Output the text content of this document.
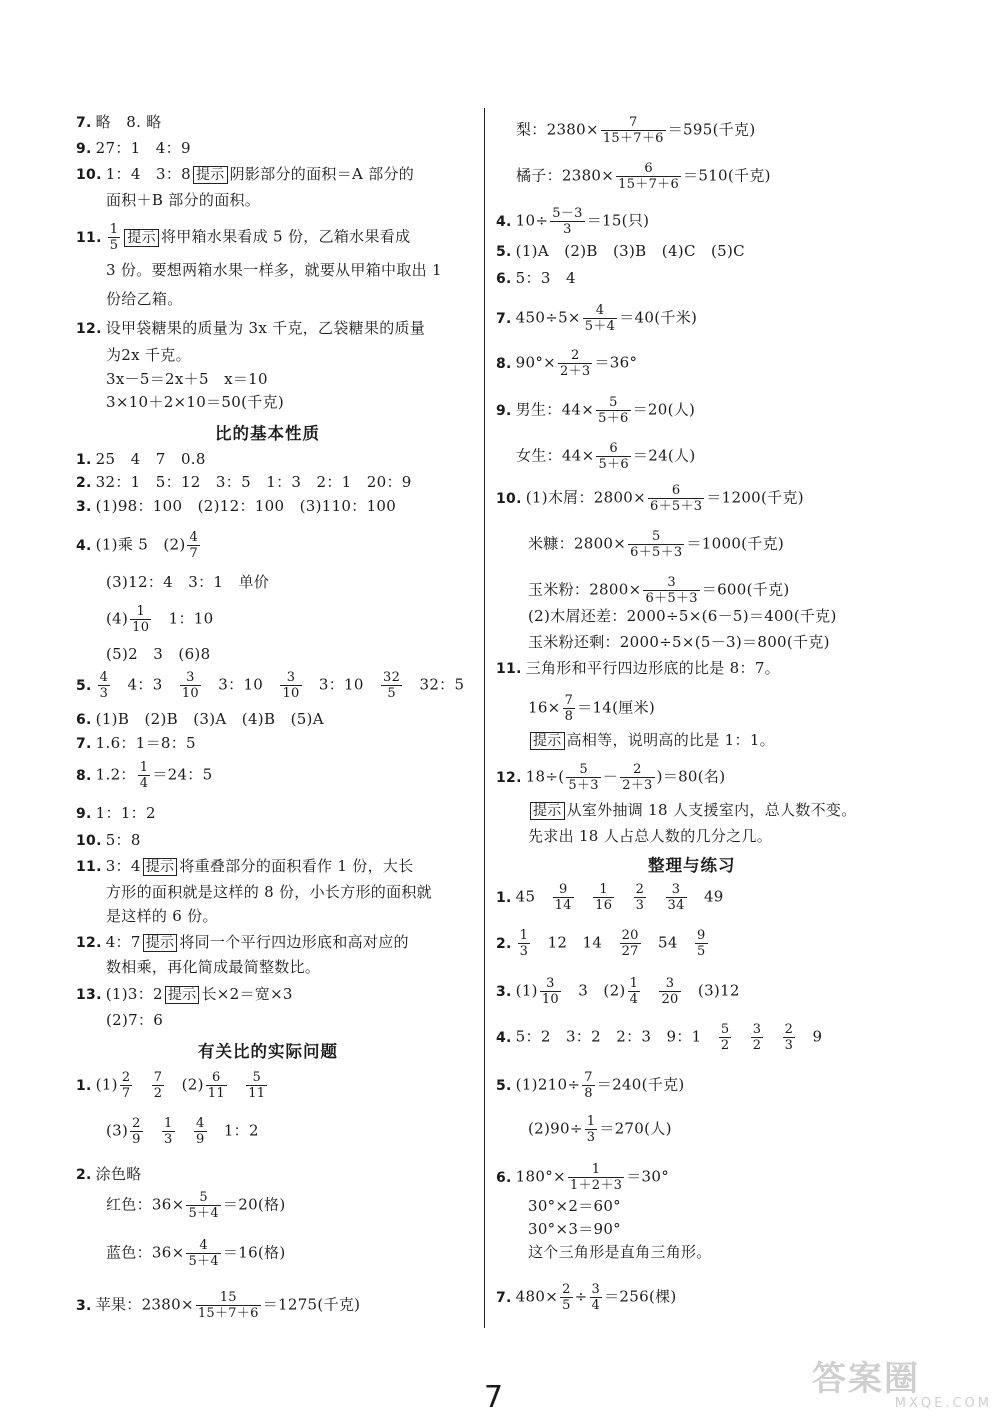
7. 略　8. 略
9. 27：1　4：9
10. 1：4　3：8 提示 阴影部分的面积＝A 部分的
面积＋B 部分的面积。
11. $\frac{1}{5}$ 提示 将甲箱水果看成 5 份，乙箱水果看成
3 份。要想两箱水果一样多，就要从甲箱中取出 1
份给乙箱。
12. 设甲袋糖果的质量为 3x 千克，乙袋糖果的质量
为2x 千克。
3x－5＝2x＋5　x＝10
3×10＋2×10＝50(千克)
比的基本性质
1. 25　4　7　0.8
2. 32：1　5：12　3：5　1：3　2：1　20：9
3. (1)98：100　(2)12：100　(3)110：100
4. (1)乘 5　$(2) \frac{4}{7}$
(3)12：4　3：1　单价
$(4) \frac{1}{10}$ 　1：10
(5)2　3　(6)8
5. $\frac{4}{3}$ 　4：3　 $\frac{3}{10}$ 　3：10　 $\frac{3}{10}$ 　3：10　 $\frac{32}{5}$ 　32：5
6. (1)B　(2)B　(3)A　(4)B　(5)A
7. 1.6：1＝8：5
8. 1.2： $\frac{1}{4} =24$：5
9. 1：1：2
10. 5：8
11. 3：4 提示 将重叠部分的面积看作 1 份，大长
方形的面积就是这样的 8 份，小长方形的面积就
是这样的 6 份。
12. 4：7 提示 将同一个平行四边形底和高对应的
数相乘，再化简成最简整数比。
13. (1)3：2 提示 长×2＝宽×3
(2)7：6
有关比的实际问题
1. $(1) \frac{2}{7}$
　 $\frac{7}{2}$
　 $(2) \frac{6}{11}$
　 $\frac{5}{11}$
$(3) \frac{2}{9}$
　 $\frac{1}{3}$
　 $\frac{4}{9}$ 　1：2
2. 涂色略
红色：$36\times \frac{5}{5+4} =20$(格)
蓝色：$36\times \frac{4}{5+4} =16$(格)
3. 苹果：$2380\times \frac{15}{15+7+6} =1275$(千克)
梨：$2380\times \frac{7}{15+7+6} =595$(千克)
橘子：$2380\times \frac{6}{15+7+6} =510$(千克)
4. $10\div \frac{5-3}{3} =15$(只)
5. (1)A　(2)B　(3)B　(4)C　(5)C
6. 5：3　4
7. $450\div 5\times \frac{4}{5+4} =40$(千米)
8. $90^\circ\times \frac{2}{2+3} =36^\circ$
9. 男生：$44\times \frac{5}{5+6} =20$(人)
女生：$44\times \frac{6}{5+6} =24$(人)
10. (1)木屑：$2800\times \frac{6}{6+5+3} =1200$(千克)
米糠：$2800\times \frac{5}{6+5+3} =1000$(千克)
玉米粉：$2800\times \frac{3}{6+5+3} =600$(千克)
(2)木屑还差：2000÷5×(6－5)＝400(千克)
玉米粉还剩：2000÷5×(5－3)＝800(千克)
11. 三角形和平行四边形底的比是 8：7。
$16\times \frac{7}{8} =14$(厘米)
提示 高相等，说明高的比是 1：1。
12. $18\div( \frac{5}{5+3} - \frac{2}{2+3} )=80$(名)
提示 从室外抽调 18 人支援室内，总人数不变。
先求出 18 人占总人数的几分之几。
整理与练习
1. 45　 $\frac{9}{14}$
　 $\frac{1}{16}$
　 $\frac{2}{3}$
　 $\frac{3}{34}$
　 49
2. $\frac{1}{3}$
　 12　14　 $\frac{20}{27}$
　 54　 $\frac{9}{5}$
3. $(1) \frac{3}{10}$ 　3　$(2) \frac{1}{4}$
　 $\frac{3}{20}$ 　(3)12
4. 5：2　3：2　2：3　9：1　 $\frac{5}{2}$
　 $\frac{3}{2}$
　 $\frac{2}{3}$
　 9
5. $(1)210\div \frac{7}{8} =240$(千克)
$(2)90\div \frac{1}{3} =270$(人)
6. $180^\circ\times \frac{1}{1+2+3} =30^\circ$
30°×2＝60°
30°×3＝90°
这个三角形是直角三角形。
7. $480\times \frac{2}{5} \div \frac{3}{4} =256$(棵)
7	答案圈
MXQE.COM
